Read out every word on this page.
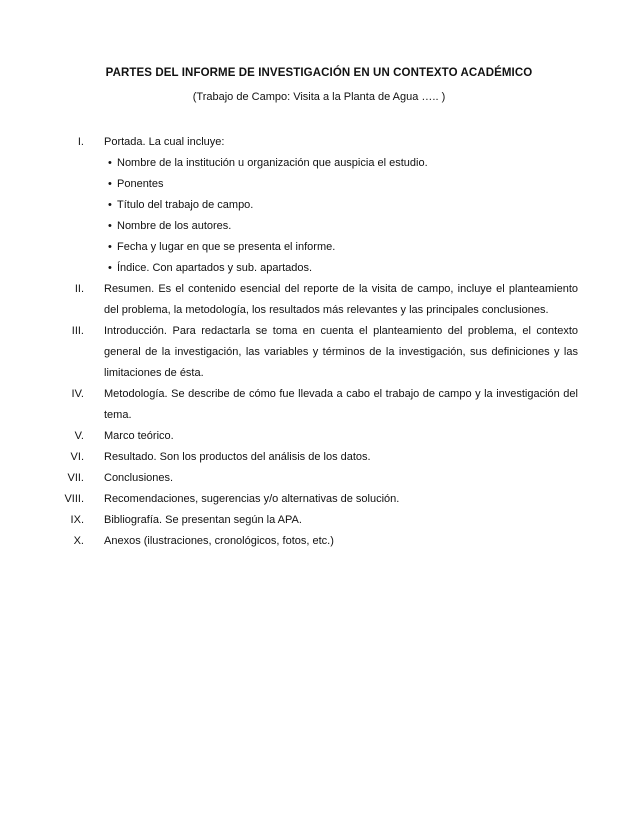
PARTES DEL INFORME DE INVESTIGACIÓN EN UN CONTEXTO ACADÉMICO
(Trabajo de Campo: Visita a la Planta de Agua ….. )
I. Portada. La cual incluye:
• Nombre de la institución u organización que auspicia el estudio.
• Ponentes
• Título del trabajo de campo.
• Nombre de los autores.
• Fecha y lugar en que se presenta el informe.
• Índice. Con apartados y sub. apartados.
II. Resumen. Es el contenido esencial del reporte de la visita de campo, incluye el planteamiento del problema, la metodología, los resultados más relevantes y las principales conclusiones.
III. Introducción. Para redactarla se toma en cuenta el planteamiento del problema, el contexto general de la investigación, las variables y términos de la investigación, sus definiciones y las limitaciones de ésta.
IV. Metodología. Se describe de cómo fue llevada a cabo el trabajo de campo y la investigación del tema.
V. Marco teórico.
VI. Resultado. Son los productos del análisis de los datos.
VII. Conclusiones.
VIII. Recomendaciones, sugerencias y/o alternativas de solución.
IX. Bibliografía. Se presentan según la APA.
X. Anexos (ilustraciones, cronológicos, fotos, etc.)
